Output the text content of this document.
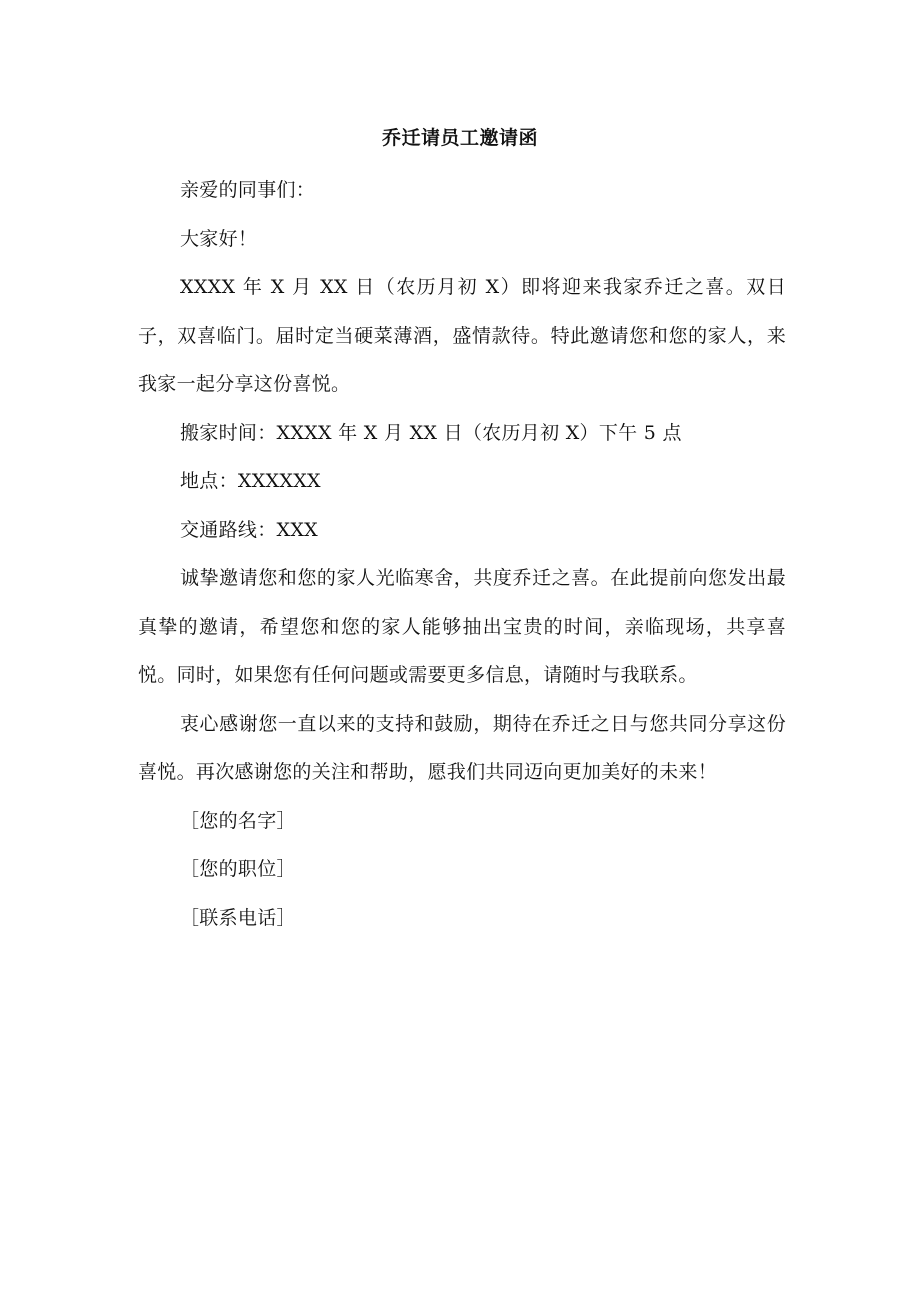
乔迁请员工邀请函

亲爱的同事们：

大家好！

XXXX 年 X 月 XX 日（农历月初 X）即将迎来我家乔迁之喜。双日子，双喜临门。届时定当硬菜薄酒，盛情款待。特此邀请您和您的家人，来我家一起分享这份喜悦。

搬家时间：XXXX 年 X 月 XX 日（农历月初 X）下午 5 点

地点：XXXXXX

交通路线：XXX

诚挚邀请您和您的家人光临寒舍，共度乔迁之喜。在此提前向您发出最真挚的邀请，希望您和您的家人能够抽出宝贵的时间，亲临现场，共享喜悦。同时，如果您有任何问题或需要更多信息，请随时与我联系。

衷心感谢您一直以来的支持和鼓励，期待在乔迁之日与您共同分享这份喜悦。再次感谢您的关注和帮助，愿我们共同迈向更加美好的未来！

［您的名字］

［您的职位］

［联系电话］
